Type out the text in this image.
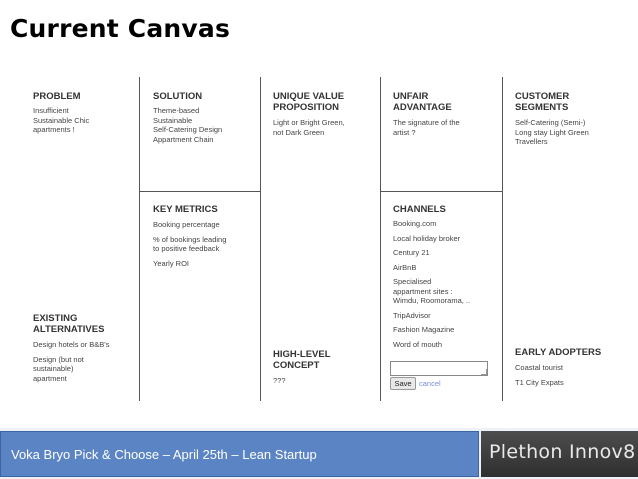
Current Canvas
PROBLEM
Insufficient
Sustainable Chic
apartments !
EXISTING
ALTERNATIVES
Design hotels or B&B's
Design (but not
sustainable)
apartment
SOLUTION
Theme-based
Sustainable
Self-Catering Design
Appartment Chain
KEY METRICS
Booking percentage
% of bookings leading
to positive feedback
Yearly ROI
UNIQUE VALUE
PROPOSITION
Light or Bright Green,
not Dark Green
HIGH-LEVEL
CONCEPT
???
UNFAIR
ADVANTAGE
The signature of the
artist ?
CHANNELS
Booking.com
Local holiday broker
Century 21
AirBnB
Specialised
appartment sites :
Wimdu, Roomorama, ..
TripAdvisor
Fashion Magazine
Word of mouth
Save cancel
CUSTOMER
SEGMENTS
Self-Catering (Semi-)
Long stay Light Green
Travellers
EARLY ADOPTERS
Coastal tourist
T1 City Expats
Voka Bryo Pick & Choose – April 25th – Lean Startup	Plethon Innov8
